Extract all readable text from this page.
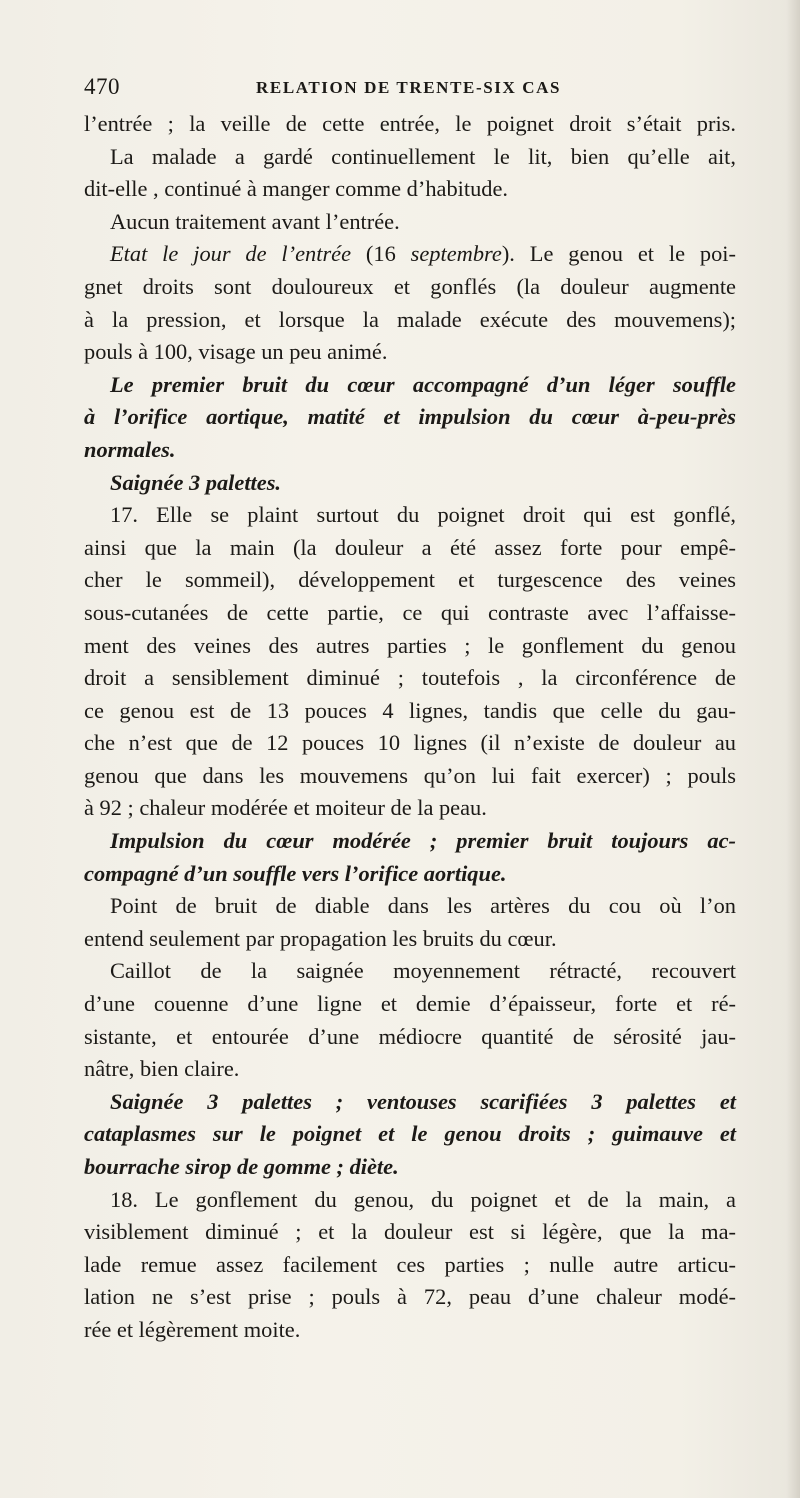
470	RELATION DE TRENTE-SIX CAS
l’entrée ; la veille de cette entrée, le poignet droit s’était pris.
La malade a gardé continuellement le lit, bien qu’elle ait,
dit-elle , continué à manger comme d’habitude.
Aucun traitement avant l’entrée.
Etat le jour de l’entrée (16 septembre). Le genou et le poi-
gnet droits sont douloureux et gonflés (la douleur augmente
à la pression, et lorsque la malade exécute des mouvemens);
pouls à 100, visage un peu animé.
Le premier bruit du cœur accompagné d’un léger souffle
à l’orifice aortique, matité et impulsion du cœur à-peu-près
normales.
Saignée 3 palettes.
17. Elle se plaint surtout du poignet droit qui est gonflé,
ainsi que la main (la douleur a été assez forte pour empê-
cher le sommeil), développement et turgescence des veines
sous-cutanées de cette partie, ce qui contraste avec l’affaisse-
ment des veines des autres parties ; le gonflement du genou
droit a sensiblement diminué ; toutefois , la circonférence de
ce genou est de 13 pouces 4 lignes, tandis que celle du gau-
che n’est que de 12 pouces 10 lignes (il n’existe de douleur au
genou que dans les mouvemens qu’on lui fait exercer) ; pouls
à 92 ; chaleur modérée et moiteur de la peau.
Impulsion du cœur modérée ; premier bruit toujours ac-
compagné d’un souffle vers l’orifice aortique.
Point de bruit de diable dans les artères du cou où l’on
entend seulement par propagation les bruits du cœur.
Caillot de la saignée moyennement rétracté, recouvert
d’une couenne d’une ligne et demie d’épaisseur, forte et ré-
sistante, et entourée d’une médiocre quantité de sérosité jau-
nâtre, bien claire.
Saignée 3 palettes ; ventouses scarifiées 3 palettes et
cataplasmes sur le poignet et le genou droits ; guimauve et
bourrache sirop de gomme ; diète.
18. Le gonflement du genou, du poignet et de la main, a
visiblement diminué ; et la douleur est si légère, que la ma-
lade remue assez facilement ces parties ; nulle autre articu-
lation ne s’est prise ; pouls à 72, peau d’une chaleur modé-
rée et légèrement moite.
